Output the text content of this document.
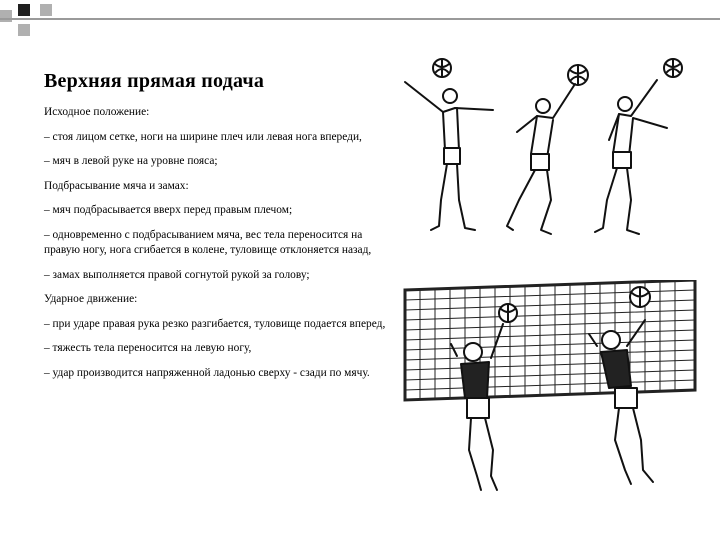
Верхняя прямая подача

Исходное положение:

– стоя лицом сетке, ноги на ширине плеч или левая нога впереди,

– мяч в левой руке на уровне пояса;

Подбрасывание мяча и замах:

– мяч подбрасывается вверх перед правым плечом;

– одновременно с подбрасыванием мяча, вес тела переносится на правую ногу, нога сгибается в колене, туловище отклоняется назад,

– замах выполняется правой согнутой рукой за голову;

Ударное движение:

– при ударе правая рука резко разгибается, туловище подается вперед,

– тяжесть тела переносится на левую ногу,

– удар производится напряженной ладонью сверху - сзади по мячу.
